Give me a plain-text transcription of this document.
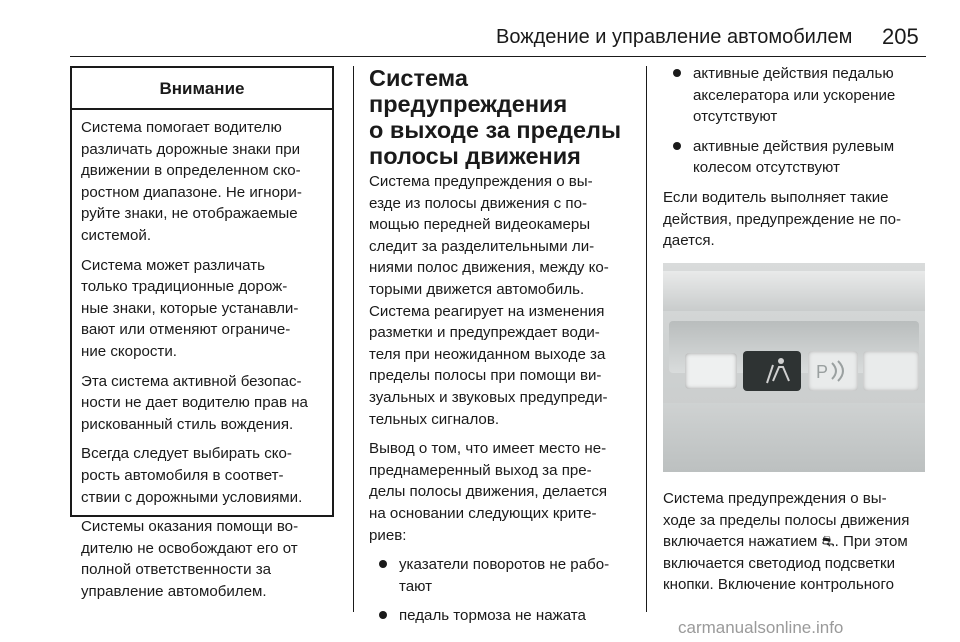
Вождение и управление автомобилем 205
Внимание

Система помогает водителю
различать дорожные знаки при
движении в определенном ско‐
ростном диапазоне. Не игнори‐
руйте знаки, не отображаемые
системой.

Система может различать
только традиционные дорож‐
ные знаки, которые устанавли‐
вают или отменяют ограниче‐
ние скорости.

Эта система активной безопас‐
ности не дает водителю прав на
рискованный стиль вождения.

Всегда следует выбирать ско‐
рость автомобиля в соответ‐
ствии с дорожными условиями.

Системы оказания помощи во‐
дителю не освобождают его от
полной ответственности за
управление автомобилем.

Система предупреждения
о выходе за пределы
полосы движения

Система предупреждения о вы‐
езде из полосы движения с по‐
мощью передней видеокамеры
следит за разделительными ли‐
ниями полос движения, между ко‐
торыми движется автомобиль.
Система реагирует на изменения
разметки и предупреждает води‐
теля при неожиданном выходе за
пределы полосы при помощи ви‐
зуальных и звуковых предупреди‐
тельных сигналов.

Вывод о том, что имеет место не‐
преднамеренный выход за пре‐
делы полосы движения, делается
на основании следующих крите‐
риев:

указатели поворотов не рабо‐
тают
педаль тормоза не нажата
активные действия педалью
акселератора или ускорение
отсутствуют
активные действия рулевым
колесом отсутствуют

Если водитель выполняет такие
действия, предупреждение не по‐
дается.

P

Система предупреждения о вы‐
ходе за пределы полосы движения
включается нажатием ⛐. При этом
включается светодиод подсветки
кнопки. Включение контрольного

carmanualsonline.info
